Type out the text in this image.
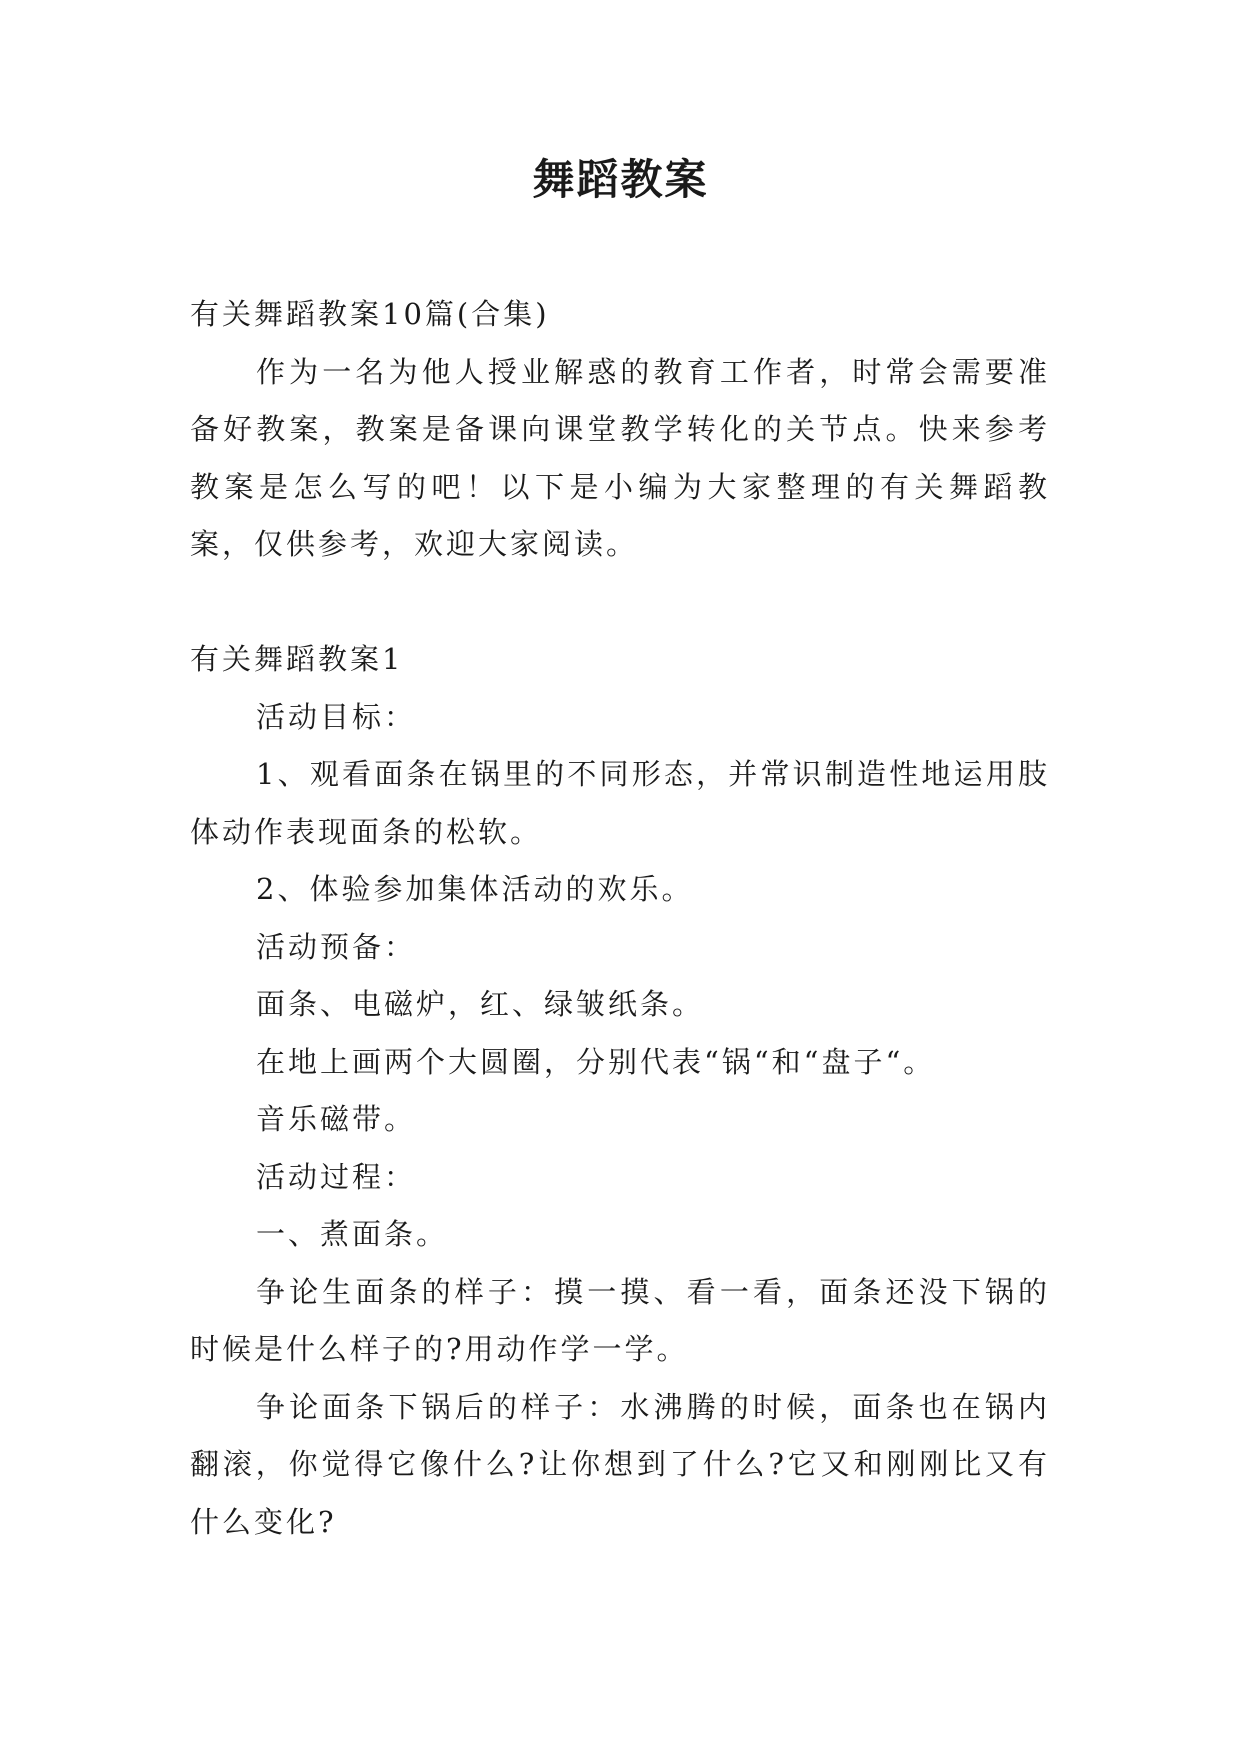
舞蹈教案

有关舞蹈教案10篇(合集)

作为一名为他人授业解惑的教育工作者，时常会需要准备好教案，教案是备课向课堂教学转化的关节点。快来参考教案是怎么写的吧！以下是小编为大家整理的有关舞蹈教案，仅供参考，欢迎大家阅读。

有关舞蹈教案1

活动目标：

1、观看面条在锅里的不同形态，并常识制造性地运用肢体动作表现面条的松软。

2、体验参加集体活动的欢乐。

活动预备：

面条、电磁炉，红、绿皱纸条。

在地上画两个大圆圈，分别代表“锅“和“盘子“。

音乐磁带。

活动过程：

一、煮面条。

争论生面条的样子：摸一摸、看一看，面条还没下锅的时候是什么样子的?用动作学一学。

争论面条下锅后的样子：水沸腾的时候，面条也在锅内翻滚，你觉得它像什么?让你想到了什么?它又和刚刚比又有什么变化?
